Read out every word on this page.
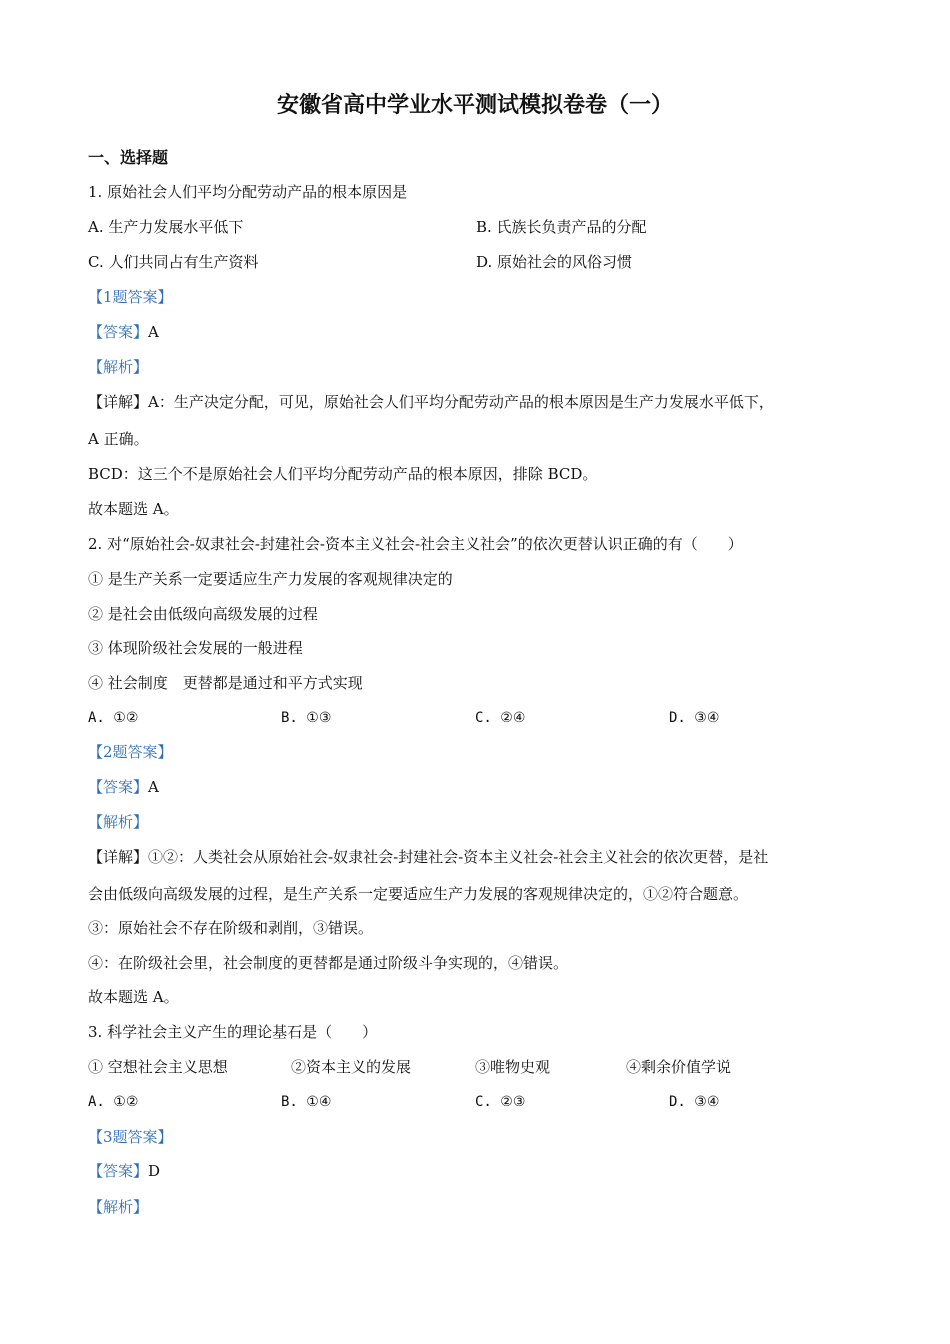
安徽省高中学业水平测试模拟卷卷（一）
一、选择题
1. 原始社会人们平均分配劳动产品的根本原因是
A. 生产力发展水平低下	B. 氏族长负责产品的分配
C. 人们共同占有生产资料	D. 原始社会的风俗习惯
【1题答案】
【答案】A
【解析】
【详解】A：生产决定分配，可见，原始社会人们平均分配劳动产品的根本原因是生产力发展水平低下，
A 正确。
BCD：这三个不是原始社会人们平均分配劳动产品的根本原因，排除 BCD。
故本题选 A。
2. 对“原始社会-奴隶社会-封建社会-资本主义社会-社会主义社会”的依次更替认识正确的有（　　）
① 是生产关系一定要适应生产力发展的客观规律决定的
② 是社会由低级向高级发展的过程
③ 体现阶级社会发展的一般进程
④ 社会制度　更替都是通过和平方式实现
A. ①②	B. ①③	C. ②④	D. ③④
【2题答案】
【答案】A
【解析】
【详解】①②：人类社会从原始社会-奴隶社会-封建社会-资本主义社会-社会主义社会的依次更替，是社
会由低级向高级发展的过程，是生产关系一定要适应生产力发展的客观规律决定的，①②符合题意。
③：原始社会不存在阶级和剥削，③错误。
④：在阶级社会里，社会制度的更替都是通过阶级斗争实现的，④错误。
故本题选 A。
3. 科学社会主义产生的理论基石是（　　）
① 空想社会主义思想	②资本主义的发展	③唯物史观	④剩余价值学说
A. ①②	B. ①④	C. ②③	D. ③④
【3题答案】
【答案】D
【解析】
